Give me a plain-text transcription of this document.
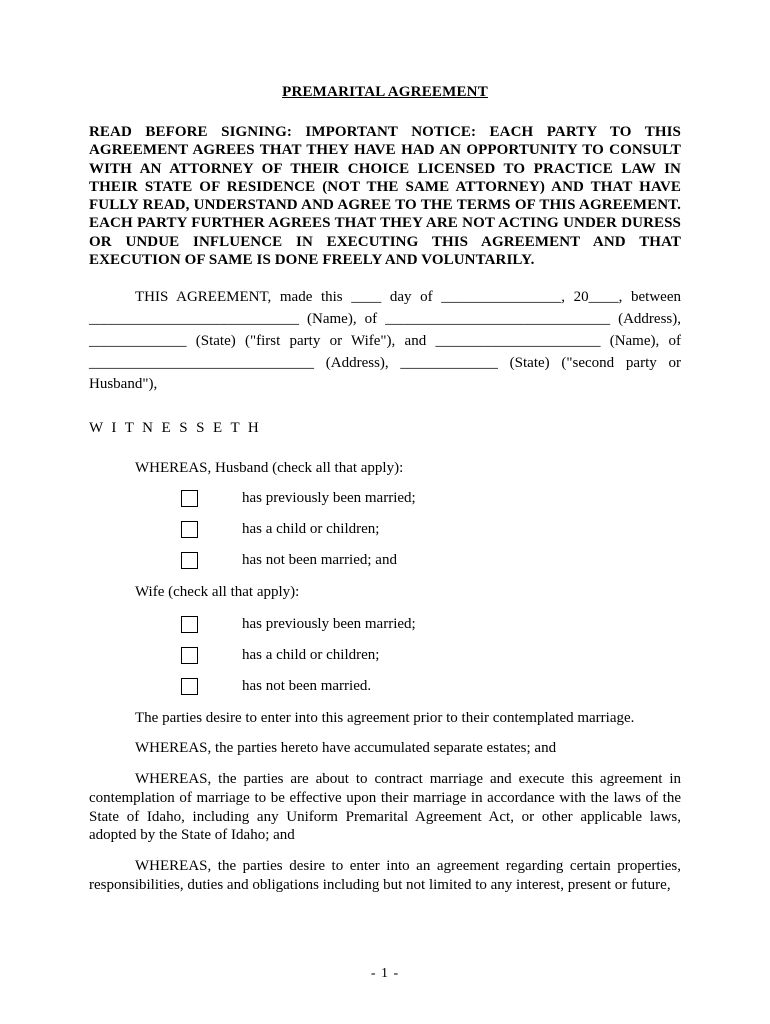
PREMARITAL AGREEMENT
READ BEFORE SIGNING: IMPORTANT NOTICE: EACH PARTY TO THIS AGREEMENT AGREES THAT THEY HAVE HAD AN OPPORTUNITY TO CONSULT WITH AN ATTORNEY OF THEIR CHOICE LICENSED TO PRACTICE LAW IN THEIR STATE OF RESIDENCE (NOT THE SAME ATTORNEY) AND THAT HAVE FULLY READ, UNDERSTAND AND AGREE TO THE TERMS OF THIS AGREEMENT. EACH PARTY FURTHER AGREES THAT THEY ARE NOT ACTING UNDER DURESS OR UNDUE INFLUENCE IN EXECUTING THIS AGREEMENT AND THAT EXECUTION OF SAME IS DONE FREELY AND VOLUNTARILY.
THIS AGREEMENT, made this ____ day of ________________, 20____, between ____________________________ (Name), of ______________________________ (Address), _____________ (State) ("first party or Wife"), and ______________________ (Name), of ______________________________ (Address), _____________ (State) ("second party or Husband"),
W I T N E S S E T H
WHEREAS, Husband (check all that apply):
has previously been married;
has a child or children;
has not been married; and
Wife (check all that apply):
has previously been married;
has a child or children;
has not been married.
The parties desire to enter into this agreement prior to their contemplated marriage.
WHEREAS, the parties hereto have accumulated separate estates; and
WHEREAS, the parties are about to contract marriage and execute this agreement in contemplation of marriage to be effective upon their marriage in accordance with the laws of the State of Idaho, including any Uniform Premarital Agreement Act, or other applicable laws, adopted by the State of Idaho; and
WHEREAS, the parties desire to enter into an agreement regarding certain properties, responsibilities, duties and obligations including but not limited to any interest, present or future,
- 1 -
